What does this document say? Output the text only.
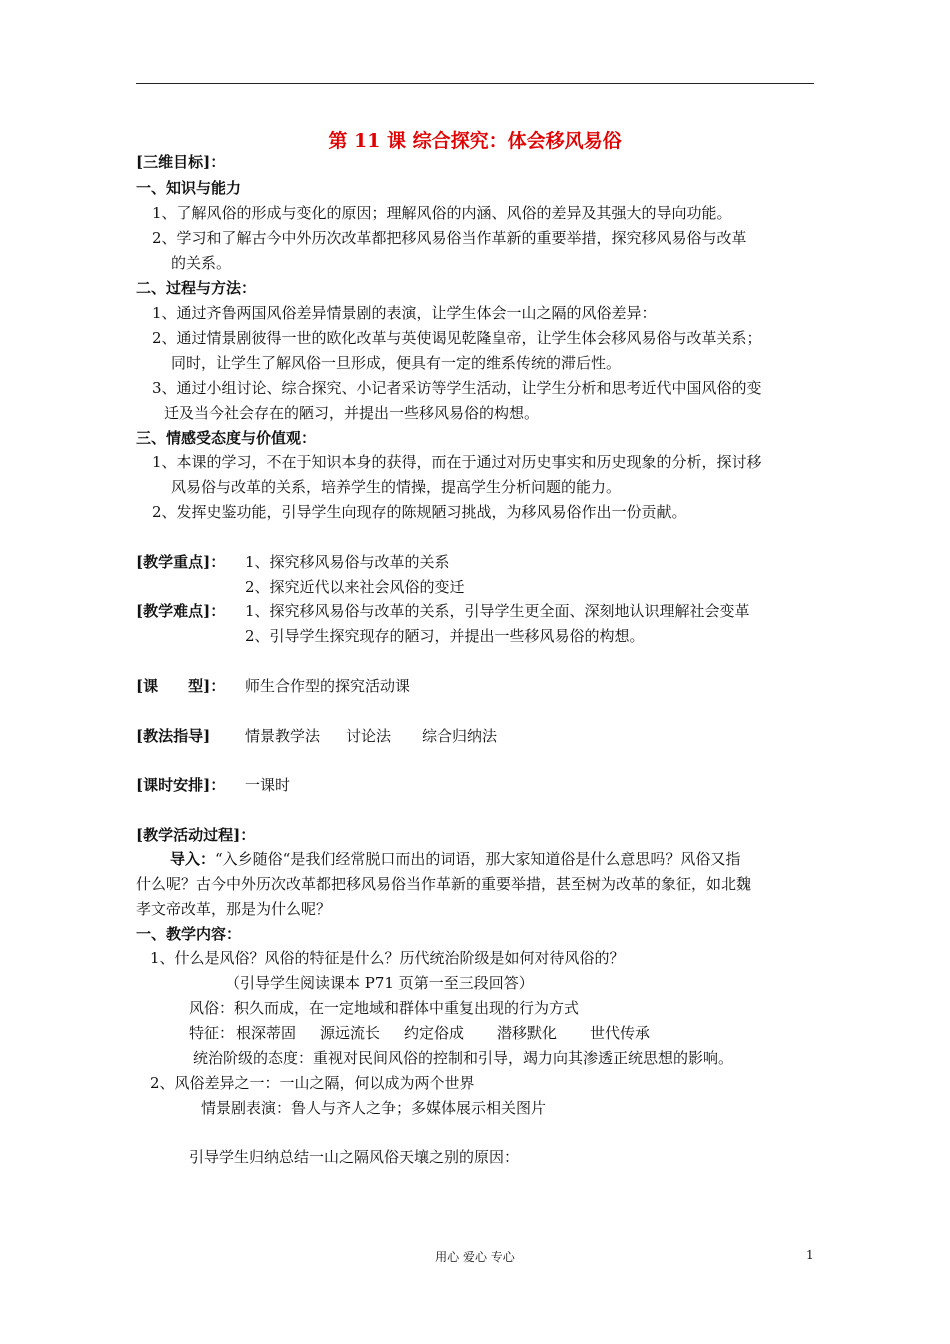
第 11 课 综合探究：体会移风易俗
[三维目标]：
一、知识与能力
1、了解风俗的形成与变化的原因；理解风俗的内涵、风俗的差异及其强大的导向功能。
2、学习和了解古今中外历次改革都把移风易俗当作革新的重要举措，探究移风易俗与改革
的关系。
二、过程与方法：
1、通过齐鲁两国风俗差异情景剧的表演，让学生体会一山之隔的风俗差异：
2、通过情景剧彼得一世的欧化改革与英使谒见乾隆皇帝，让学生体会移风易俗与改革关系；
同时，让学生了解风俗一旦形成，便具有一定的维系传统的滞后性。
3、通过小组讨论、综合探究、小记者采访等学生活动，让学生分析和思考近代中国风俗的变
迁及当今社会存在的陋习，并提出一些移风易俗的构想。
三、情感受态度与价值观：
1、本课的学习，不在于知识本身的获得，而在于通过对历史事实和历史现象的分析，探讨移
风易俗与改革的关系，培养学生的情操，提高学生分析问题的能力。
2、发挥史鉴功能，引导学生向现存的陈规陋习挑战，为移风易俗作出一份贡献。
[教学重点]： 1、探究移风易俗与改革的关系
2、探究近代以来社会风俗的变迁
[教学难点]： 1、探究移风易俗与改革的关系，引导学生更全面、深刻地认识理解社会变革
2、引导学生探究现存的陋习，并提出一些移风易俗的构想。
[课　　型]： 师生合作型的探究活动课
[教法指导] 情景教学法 讨论法 综合归纳法
[课时安排]： 一课时
[教学活动过程]：
导入：“入乡随俗“是我们经常脱口而出的词语，那大家知道俗是什么意思吗？风俗又指
什么呢？古今中外历次改革都把移风易俗当作革新的重要举措，甚至树为改革的象征，如北魏
孝文帝改革，那是为什么呢？
一、教学内容：
1、什么是风俗？风俗的特征是什么？历代统治阶级是如何对待风俗的？
（引导学生阅读课本 P71 页第一至三段回答）
风俗：积久而成，在一定地域和群体中重复出现的行为方式
特征： 根深蒂固 源远流长 约定俗成 潜移默化 世代传承
统治阶级的态度：重视对民间风俗的控制和引导，竭力向其渗透正统思想的影响。
2、风俗差异之一：一山之隔，何以成为两个世界
情景剧表演：鲁人与齐人之争；多媒体展示相关图片
引导学生归纳总结一山之隔风俗天壤之别的原因：
用心 爱心 专心	1
